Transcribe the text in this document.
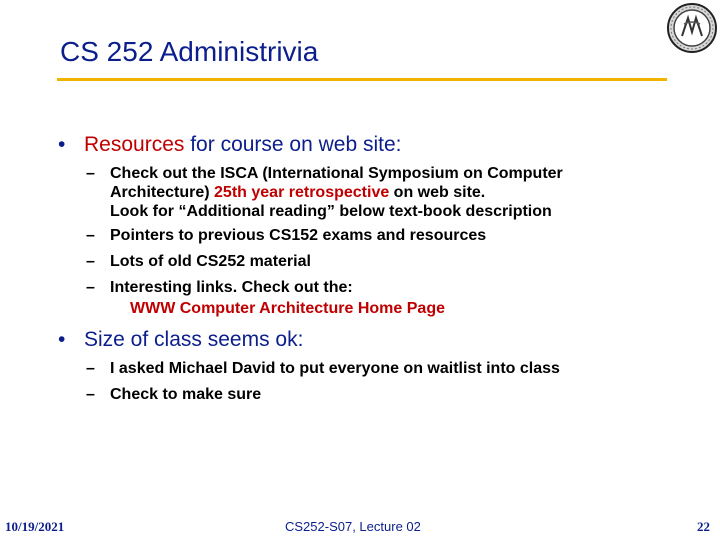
CS 252 Administrivia
• Resources for course on web site:
– Check out the ISCA (International Symposium on Computer
Architecture) 25th year retrospective on web site.
Look for “Additional reading” below text-book description
– Pointers to previous CS152 exams and resources
– Lots of old CS252 material
– Interesting links. Check out the:
WWW Computer Architecture Home Page
• Size of class seems ok:
– I asked Michael David to put everyone on waitlist into class
– Check to make sure
10/19/2021	CS252-S07, Lecture 02	22
